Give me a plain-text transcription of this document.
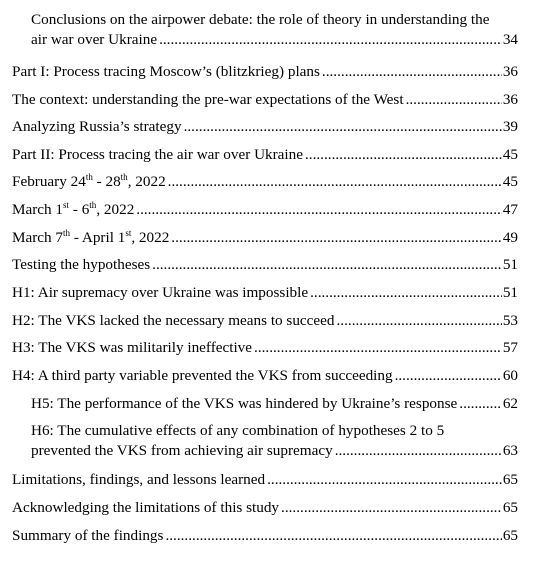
Conclusions on the airpower debate: the role of theory in understanding the
air war over Ukraine .....	34
Part I: Process tracing Moscow’s (blitzkrieg) plans .....	36
The context: understanding the pre-war expectations of the West .....	36
Analyzing Russia’s strategy .....	39
Part II: Process tracing the air war over Ukraine .....	45
February 24th - 28th, 2022 .....	45
March 1st - 6th, 2022 .....	47
March 7th - April 1st, 2022 .....	49
Testing the hypotheses .....	51
H1: Air supremacy over Ukraine was impossible .....	51
H2: The VKS lacked the necessary means to succeed .....	53
H3: The VKS was militarily ineffective .....	57
H4: A third party variable prevented the VKS from succeeding .....	60
H5: The performance of the VKS was hindered by Ukraine’s response .....	62
H6: The cumulative effects of any combination of hypotheses 2 to 5
prevented the VKS from achieving air supremacy .....	63
Limitations, findings, and lessons learned .....	65
Acknowledging the limitations of this study .....	65
Summary of the findings .....	65
